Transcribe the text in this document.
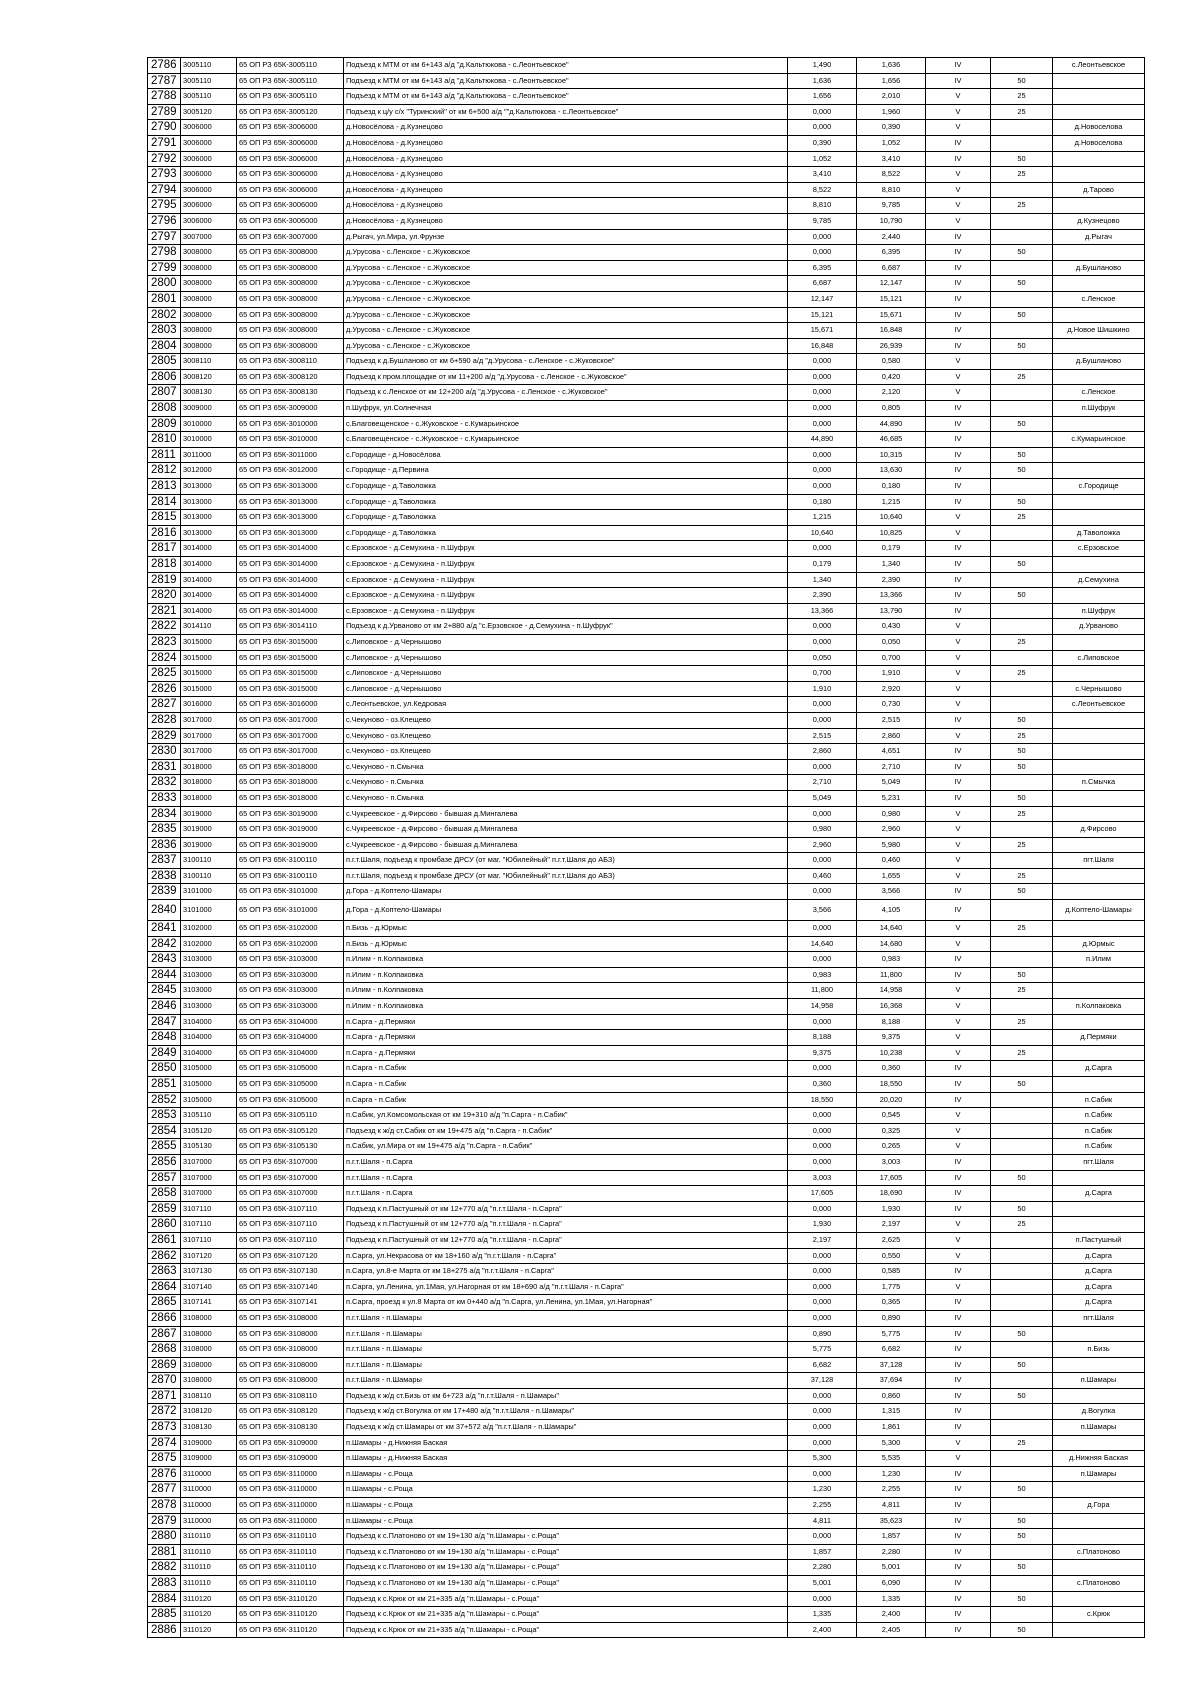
2786	3005110	65 ОП РЗ 65К-3005110	Подъезд к МТМ от км 6+143 а/д "д.Кальтюкова - с.Леонтьевское"	1,490	1,636	IV		с.Леонтьевское
2787	3005110	65 ОП РЗ 65К-3005110	Подъезд к МТМ от км 6+143 а/д "д.Кальтюкова - с.Леонтьевское"	1,636	1,656	IV	50	
2788	3005110	65 ОП РЗ 65К-3005110	Подъезд к МТМ от км 6+143 а/д "д.Кальтюкова - с.Леонтьевское"	1,656	2,010	V	25	
2789	3005120	65 ОП РЗ 65К-3005120	Подъезд к ц/у с/х "Туринский" от км 6+500 а/д ""д.Кальтюкова - с.Леонтьевское"	0,000	1,960	V	25	
2790	3006000	65 ОП РЗ 65К-3006000	д.Новосёлова - д.Кузнецово	0,000	0,390	V		д.Новоселова
2791	3006000	65 ОП РЗ 65К-3006000	д.Новосёлова - д.Кузнецово	0,390	1,052	IV		д.Новоселова
2792	3006000	65 ОП РЗ 65К-3006000	д.Новосёлова - д.Кузнецово	1,052	3,410	IV	50	
2793	3006000	65 ОП РЗ 65К-3006000	д.Новосёлова - д.Кузнецово	3,410	8,522	V	25	
2794	3006000	65 ОП РЗ 65К-3006000	д.Новосёлова - д.Кузнецово	8,522	8,810	V		д.Тарово
2795	3006000	65 ОП РЗ 65К-3006000	д.Новосёлова - д.Кузнецово	8,810	9,785	V	25	
2796	3006000	65 ОП РЗ 65К-3006000	д.Новосёлова - д.Кузнецово	9,785	10,790	V		д.Кузнецово
2797	3007000	65 ОП РЗ 65К-3007000	д.Рыгач, ул.Мира, ул.Фрунзе	0,000	2,440	IV		д.Рыгач
2798	3008000	65 ОП РЗ 65К-3008000	д.Урусова - с.Ленское - с.Жуковское	0,000	6,395	IV	50	
2799	3008000	65 ОП РЗ 65К-3008000	д.Урусова - с.Ленское - с.Жуковское	6,395	6,687	IV		д.Бушланово
2800	3008000	65 ОП РЗ 65К-3008000	д.Урусова - с.Ленское - с.Жуковское	6,687	12,147	IV	50	
2801	3008000	65 ОП РЗ 65К-3008000	д.Урусова - с.Ленское - с.Жуковское	12,147	15,121	IV		с.Ленское
2802	3008000	65 ОП РЗ 65К-3008000	д.Урусова - с.Ленское - с.Жуковское	15,121	15,671	IV	50	
2803	3008000	65 ОП РЗ 65К-3008000	д.Урусова - с.Ленское - с.Жуковское	15,671	16,848	IV		д.Новое Шишкино
2804	3008000	65 ОП РЗ 65К-3008000	д.Урусова - с.Ленское - с.Жуковское	16,848	26,939	IV	50	
2805	3008110	65 ОП РЗ 65К-3008110	Подъезд к д.Бушланово от км 6+590 а/д "д.Урусова - с.Ленское - с.Жуковское"	0,000	0,580	V		д.Бушланово
2806	3008120	65 ОП РЗ 65К-3008120	Подъезд к пром.площадке от км 11+200 а/д "д.Урусова - с.Ленское - с.Жуковское"	0,000	0,420	V	25	
2807	3008130	65 ОП РЗ 65К-3008130	Подъезд к с.Ленское от км 12+200 а/д "д.Урусова - с.Ленское - с.Жуковское"	0,000	2,120	V		с.Ленское
2808	3009000	65 ОП РЗ 65К-3009000	п.Шуфрук, ул.Солнечная	0,000	0,805	IV		п.Шуфрук
2809	3010000	65 ОП РЗ 65К-3010000	с.Благовещенское - с.Жуковское - с.Кумарьинское	0,000	44,890	IV	50	
2810	3010000	65 ОП РЗ 65К-3010000	с.Благовещенское - с.Жуковское - с.Кумарьинское	44,890	46,685	IV		с.Кумарьинское
2811	3011000	65 ОП РЗ 65К-3011000	с.Городище - д.Новосёлова	0,000	10,315	IV	50	
2812	3012000	65 ОП РЗ 65К-3012000	с.Городище - д.Первина	0,000	13,630	IV	50	
2813	3013000	65 ОП РЗ 65К-3013000	с.Городище - д.Таволожка	0,000	0,180	IV		с.Городище
2814	3013000	65 ОП РЗ 65К-3013000	с.Городище - д.Таволожка	0,180	1,215	IV	50	
2815	3013000	65 ОП РЗ 65К-3013000	с.Городище - д.Таволожка	1,215	10,640	V	25	
2816	3013000	65 ОП РЗ 65К-3013000	с.Городище - д.Таволожка	10,640	10,825	V		д.Таволожка
2817	3014000	65 ОП РЗ 65К-3014000	с.Ерзовское - д.Семухина - п.Шуфрук	0,000	0,179	IV		с.Ерзовское
2818	3014000	65 ОП РЗ 65К-3014000	с.Ерзовское - д.Семухина - п.Шуфрук	0,179	1,340	IV	50	
2819	3014000	65 ОП РЗ 65К-3014000	с.Ерзовское - д.Семухина - п.Шуфрук	1,340	2,390	IV		д.Семухина
2820	3014000	65 ОП РЗ 65К-3014000	с.Ерзовское - д.Семухина - п.Шуфрук	2,390	13,366	IV	50	
2821	3014000	65 ОП РЗ 65К-3014000	с.Ерзовское - д.Семухина - п.Шуфрук	13,366	13,790	IV		п.Шуфрук
2822	3014110	65 ОП РЗ 65К-3014110	Подъезд к д.Урваново от км 2+880 а/д "с.Ерзовское - д.Семухина - п.Шуфрук"	0,000	0,430	V		д.Урваново
2823	3015000	65 ОП РЗ 65К-3015000	с.Липовское - д.Чернышово	0,000	0,050	V	25	
2824	3015000	65 ОП РЗ 65К-3015000	с.Липовское - д.Чернышово	0,050	0,700	V		с.Липовское
2825	3015000	65 ОП РЗ 65К-3015000	с.Липовское - д.Чернышово	0,700	1,910	V	25	
2826	3015000	65 ОП РЗ 65К-3015000	с.Липовское - д.Чернышово	1,910	2,920	V		с.Чернышово
2827	3016000	65 ОП РЗ 65К-3016000	с.Леонтьевское, ул.Кедровая	0,000	0,730	V		с.Леонтьевское
2828	3017000	65 ОП РЗ 65К-3017000	с.Чекуново - оз.Клещево	0,000	2,515	IV	50	
2829	3017000	65 ОП РЗ 65К-3017000	с.Чекуново - оз.Клещево	2,515	2,860	V	25	
2830	3017000	65 ОП РЗ 65К-3017000	с.Чекуново - оз.Клещево	2,860	4,651	IV	50	
2831	3018000	65 ОП РЗ 65К-3018000	с.Чекуново - п.Смычка	0,000	2,710	IV	50	
2832	3018000	65 ОП РЗ 65К-3018000	с.Чекуново - п.Смычка	2,710	5,049	IV		п.Смычка
2833	3018000	65 ОП РЗ 65К-3018000	с.Чекуново - п.Смычка	5,049	5,231	IV	50	
2834	3019000	65 ОП РЗ 65К-3019000	с.Чукреевское - д.Фирсово - бывшая д.Мингалева	0,000	0,980	V	25	
2835	3019000	65 ОП РЗ 65К-3019000	с.Чукреевское - д.Фирсово - бывшая д.Мингалева	0,980	2,960	V		д.Фирсово
2836	3019000	65 ОП РЗ 65К-3019000	с.Чукреевское - д.Фирсово - бывшая д.Мингалева	2,960	5,980	V	25	
2837	3100110	65 ОП РЗ 65К-3100110	п.г.т.Шаля, подъезд к промбазе ДРСУ (от маг. "Юбилейный" п.г.т.Шаля до АБЗ)	0,000	0,460	V		пгт.Шаля
2838	3100110	65 ОП РЗ 65К-3100110	п.г.т.Шаля, подъезд к промбазе ДРСУ (от маг. "Юбилейный" п.г.т.Шаля до АБЗ)	0,460	1,655	V	25	
2839	3101000	65 ОП РЗ 65К-3101000	д.Гора - д.Коптело-Шамары	0,000	3,566	IV	50	
2840	3101000	65 ОП РЗ 65К-3101000	д.Гора - д.Коптело-Шамары	3,566	4,105	IV		д.Коптело-Шамары
2841	3102000	65 ОП РЗ 65К-3102000	п.Бизь - д.Юрмыс	0,000	14,640	V	25	
2842	3102000	65 ОП РЗ 65К-3102000	п.Бизь - д.Юрмыс	14,640	14,680	V		д.Юрмыс
2843	3103000	65 ОП РЗ 65К-3103000	п.Илим - п.Колпаковка	0,000	0,983	IV		п.Илим
2844	3103000	65 ОП РЗ 65К-3103000	п.Илим - п.Колпаковка	0,983	11,800	IV	50	
2845	3103000	65 ОП РЗ 65К-3103000	п.Илим - п.Колпаковка	11,800	14,958	V	25	
2846	3103000	65 ОП РЗ 65К-3103000	п.Илим - п.Колпаковка	14,958	16,368	V		п.Колпаковка
2847	3104000	65 ОП РЗ 65К-3104000	п.Сарга - д.Пермяки	0,000	8,188	V	25	
2848	3104000	65 ОП РЗ 65К-3104000	п.Сарга - д.Пермяки	8,188	9,375	V		д.Пермяки
2849	3104000	65 ОП РЗ 65К-3104000	п.Сарга - д.Пермяки	9,375	10,238	V	25	
2850	3105000	65 ОП РЗ 65К-3105000	п.Сарга - п.Сабик	0,000	0,360	IV		д.Сарга
2851	3105000	65 ОП РЗ 65К-3105000	п.Сарга - п.Сабик	0,360	18,550	IV	50	
2852	3105000	65 ОП РЗ 65К-3105000	п.Сарга - п.Сабик	18,550	20,020	IV		п.Сабик
2853	3105110	65 ОП РЗ 65К-3105110	п.Сабик, ул.Комсомольская от км 19+310 а/д "п.Сарга - п.Сабик"	0,000	0,545	V		п.Сабик
2854	3105120	65 ОП РЗ 65К-3105120	Подъезд к ж/д ст.Сабик от км 19+475 а/д "п.Сарга - п.Сабик"	0,000	0,325	V		п.Сабик
2855	3105130	65 ОП РЗ 65К-3105130	п.Сабик, ул.Мира от км 19+475 а/д "п.Сарга - п.Сабик"	0,000	0,265	V		п.Сабик
2856	3107000	65 ОП РЗ 65К-3107000	п.г.т.Шаля - п.Сарга	0,000	3,003	IV		пгт.Шаля
2857	3107000	65 ОП РЗ 65К-3107000	п.г.т.Шаля - п.Сарга	3,003	17,605	IV	50	
2858	3107000	65 ОП РЗ 65К-3107000	п.г.т.Шаля - п.Сарга	17,605	18,690	IV		д.Сарга
2859	3107110	65 ОП РЗ 65К-3107110	Подъезд к п.Пастушный от км 12+770 а/д "п.г.т.Шаля - п.Сарга"	0,000	1,930	IV	50	
2860	3107110	65 ОП РЗ 65К-3107110	Подъезд к п.Пастушный от км 12+770 а/д "п.г.т.Шаля - п.Сарга"	1,930	2,197	V	25	
2861	3107110	65 ОП РЗ 65К-3107110	Подъезд к п.Пастушный от км 12+770 а/д "п.г.т.Шаля - п.Сарга"	2,197	2,625	V		п.Пастушный
2862	3107120	65 ОП РЗ 65К-3107120	п.Сарга, ул.Некрасова от км 18+160 а/д "п.г.т.Шаля - п.Сарга"	0,000	0,550	V		д.Сарга
2863	3107130	65 ОП РЗ 65К-3107130	п.Сарга, ул.8-е Марта от км 18+275 а/д "п.г.т.Шаля - п.Сарга"	0,000	0,585	IV		д.Сарга
2864	3107140	65 ОП РЗ 65К-3107140	п.Сарга, ул.Ленина, ул.1Мая, ул.Нагорная от км 18+690 а/д "п.г.т.Шаля - п.Сарга"	0,000	1,775	V		д.Сарга
2865	3107141	65 ОП РЗ 65К-3107141	п.Сарга, проезд к ул.8 Марта от км 0+440 а/д "п.Сарга, ул.Ленина, ул.1Мая, ул.Нагорная"	0,000	0,365	IV		д.Сарга
2866	3108000	65 ОП РЗ 65К-3108000	п.г.т.Шаля - п.Шамары	0,000	0,890	IV		пгт.Шаля
2867	3108000	65 ОП РЗ 65К-3108000	п.г.т.Шаля - п.Шамары	0,890	5,775	IV	50	
2868	3108000	65 ОП РЗ 65К-3108000	п.г.т.Шаля - п.Шамары	5,775	6,682	IV		п.Бизь
2869	3108000	65 ОП РЗ 65К-3108000	п.г.т.Шаля - п.Шамары	6,682	37,128	IV	50	
2870	3108000	65 ОП РЗ 65К-3108000	п.г.т.Шаля - п.Шамары	37,128	37,694	IV		п.Шамары
2871	3108110	65 ОП РЗ 65К-3108110	Подъезд к ж/д ст.Бизь от км 6+723 а/д "п.г.т.Шаля - п.Шамары"	0,000	0,860	IV	50	
2872	3108120	65 ОП РЗ 65К-3108120	Подъезд к ж/д ст.Вогулка от км 17+480 а/д "п.г.т.Шаля - п.Шамары"	0,000	1,315	IV		д.Вогулка
2873	3108130	65 ОП РЗ 65К-3108130	Подъезд к ж/д ст.Шамары от км 37+572 а/д "п.г.т.Шаля - п.Шамары"	0,000	1,861	IV		п.Шамары
2874	3109000	65 ОП РЗ 65К-3109000	п.Шамары - д.Нижняя Баская	0,000	5,300	V	25	
2875	3109000	65 ОП РЗ 65К-3109000	п.Шамары - д.Нижняя Баская	5,300	5,535	V		д.Нижняя Баская
2876	3110000	65 ОП РЗ 65К-3110000	п.Шамары - с.Роща	0,000	1,230	IV		п.Шамары
2877	3110000	65 ОП РЗ 65К-3110000	п.Шамары - с.Роща	1,230	2,255	IV	50	
2878	3110000	65 ОП РЗ 65К-3110000	п.Шамары - с.Роща	2,255	4,811	IV		д.Гора
2879	3110000	65 ОП РЗ 65К-3110000	п.Шамары - с.Роща	4,811	35,623	IV	50	
2880	3110110	65 ОП РЗ 65К-3110110	Подъезд к с.Платоново от км 19+130 а/д "п.Шамары - с.Роща"	0,000	1,857	IV	50	
2881	3110110	65 ОП РЗ 65К-3110110	Подъезд к с.Платоново от км 19+130 а/д "п.Шамары - с.Роща"	1,857	2,280	IV		с.Платоново
2882	3110110	65 ОП РЗ 65К-3110110	Подъезд к с.Платоново от км 19+130 а/д "п.Шамары - с.Роща"	2,280	5,001	IV	50	
2883	3110110	65 ОП РЗ 65К-3110110	Подъезд к с.Платоново от км 19+130 а/д "п.Шамары - с.Роща"	5,001	6,090	IV		с.Платоново
2884	3110120	65 ОП РЗ 65К-3110120	Подъезд к с.Крюк от км 21+335 а/д "п.Шамары - с.Роща"	0,000	1,335	IV	50	
2885	3110120	65 ОП РЗ 65К-3110120	Подъезд к с.Крюк от км 21+335 а/д "п.Шамары - с.Роща"	1,335	2,400	IV		с.Крюк
2886	3110120	65 ОП РЗ 65К-3110120	Подъезд к с.Крюк от км 21+335 а/д "п.Шамары - с.Роща"	2,400	2,405	IV	50	
